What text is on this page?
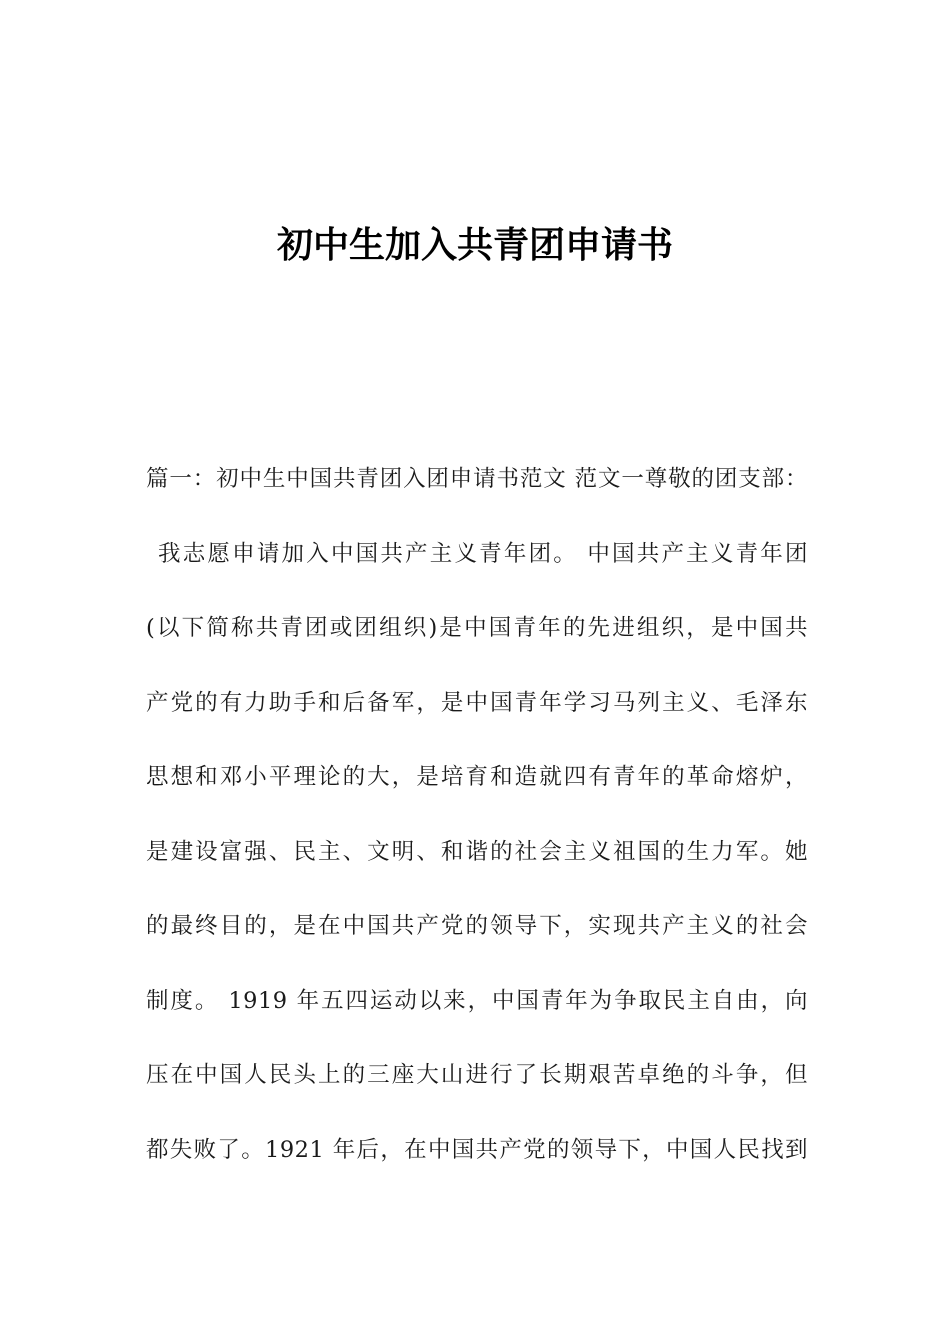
初中生加入共青团申请书
篇一：初中生中国共青团入团申请书范文 范文一尊敬的团支部：
我志愿申请加入中国共产主义青年团。 中国共产主义青年团
(以下简称共青团或团组织)是中国青年的先进组织，是中国共
产党的有力助手和后备军，是中国青年学习马列主义、毛泽东
思想和邓小平理论的大，是培育和造就四有青年的革命熔炉，
是建设富强、民主、文明、和谐的社会主义祖国的生力军。她
的最终目的，是在中国共产党的领导下，实现共产主义的社会
制度。 1919 年五四运动以来，中国青年为争取民主自由，向
压在中国人民头上的三座大山进行了长期艰苦卓绝的斗争，但
都失败了。1921 年后，在中国共产党的领导下，中国人民找到
